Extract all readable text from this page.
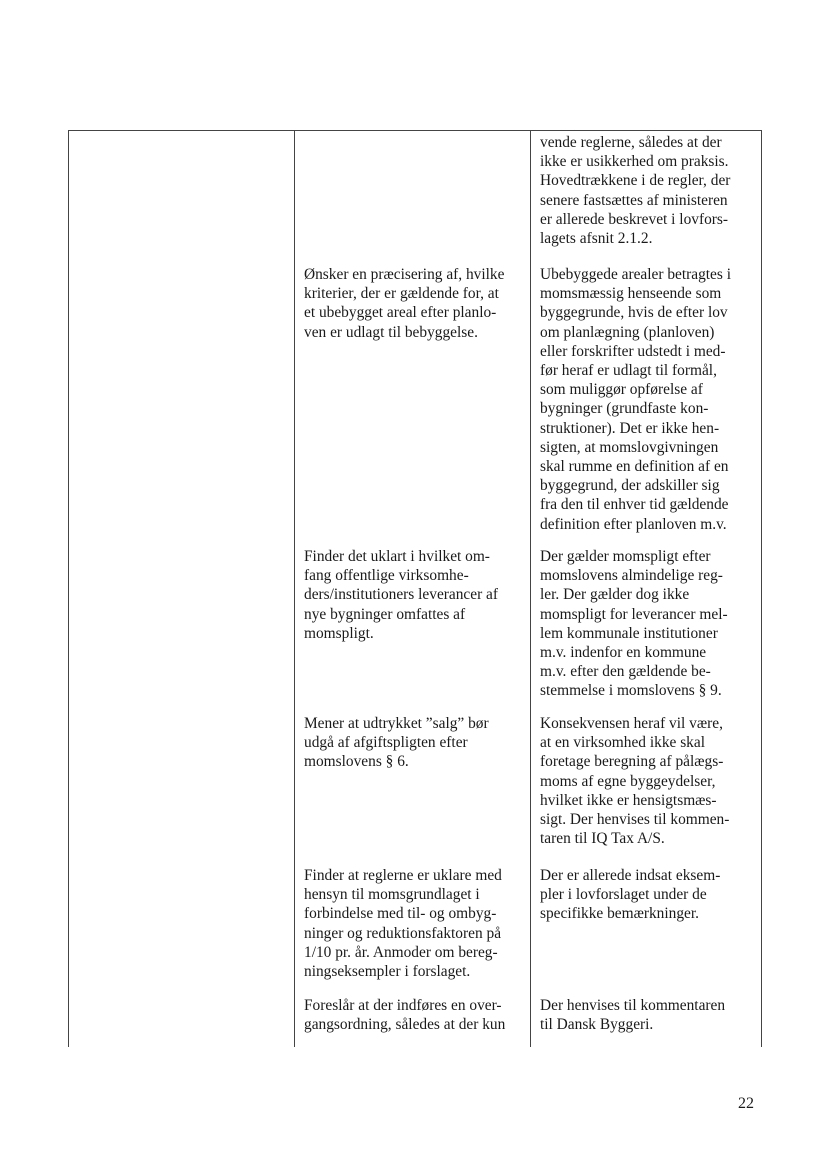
vende reglerne, således at der
ikke er usikkerhed om praksis.
Hovedtrækkene i de regler, der
senere fastsættes af ministeren
er allerede beskrevet i lovfors-
lagets afsnit 2.1.2.
Ønsker en præcisering af, hvilke
kriterier, der er gældende for, at
et ubebygget areal efter planlo-
ven er udlagt til bebyggelse.
Ubebyggede arealer betragtes i
momsmæssig henseende som
byggegrunde, hvis de efter lov
om planlægning (planloven)
eller forskrifter udstedt i med-
før heraf er udlagt til formål,
som muliggør opførelse af
bygninger (grundfaste kon-
struktioner). Det er ikke hen-
sigten, at momslovgivningen
skal rumme en definition af en
byggegrund, der adskiller sig
fra den til enhver tid gældende
definition efter planloven m.v.
Finder det uklart i hvilket om-
fang offentlige virksomhe-
ders/institutioners leverancer af
nye bygninger omfattes af
momspligt.
Der gælder momspligt efter
momslovens almindelige reg-
ler. Der gælder dog ikke
momspligt for leverancer mel-
lem kommunale institutioner
m.v. indenfor en kommune
m.v. efter den gældende be-
stemmelse i momslovens § 9.
Mener at udtrykket ”salg” bør
udgå af afgiftspligten efter
momslovens § 6.
Konsekvensen heraf vil være,
at en virksomhed ikke skal
foretage beregning af pålægs-
moms af egne byggeydelser,
hvilket ikke er hensigtsmæs-
sigt. Der henvises til kommen-
taren til IQ Tax A/S.
Finder at reglerne er uklare med
hensyn til momsgrundlaget i
forbindelse med til- og ombyg-
ninger og reduktionsfaktoren på
1/10 pr. år. Anmoder om bereg-
ningseksempler i forslaget.
Der er allerede indsat eksem-
pler i lovforslaget under de
specifikke bemærkninger.
Foreslår at der indføres en over-
gangsordning, således at der kun
Der henvises til kommentaren
til Dansk Byggeri.
22
